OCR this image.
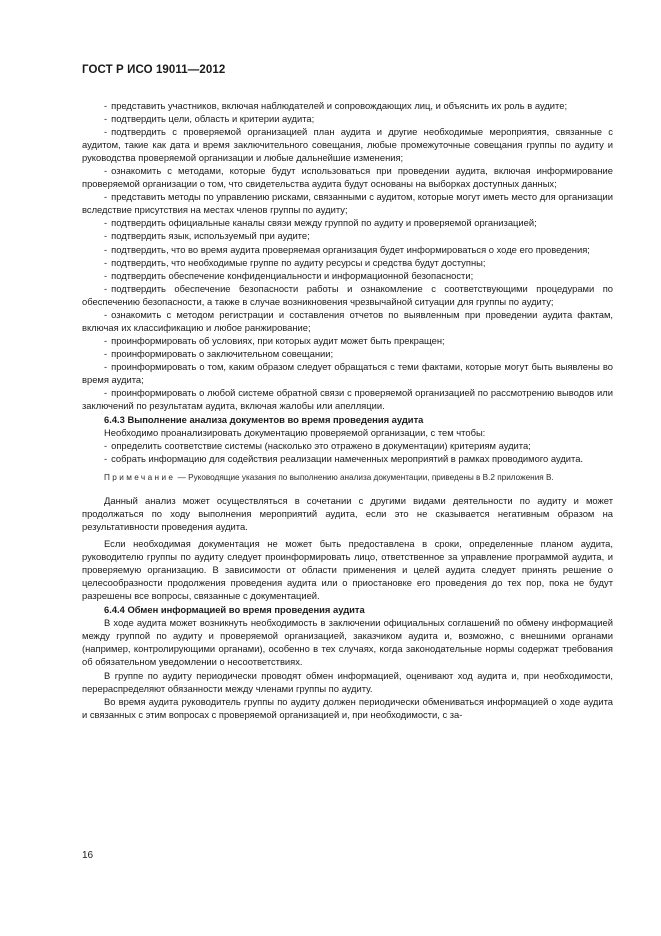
ГОСТ Р ИСО 19011—2012

- представить участников, включая наблюдателей и сопровождающих лиц, и объяснить их роль в аудите;

- подтвердить цели, область и критерии аудита;

- подтвердить с проверяемой организацией план аудита и другие необходимые мероприятия, связанные с аудитом, такие как дата и время заключительного совещания, любые промежуточные совещания группы по аудиту и руководства проверяемой организации и любые дальнейшие изменения;

- ознакомить с методами, которые будут использоваться при проведении аудита, включая информирование проверяемой организации о том, что свидетельства аудита будут основаны на выборках доступных данных;

- представить методы по управлению рисками, связанными с аудитом, которые могут иметь место для организации вследствие присутствия на местах членов группы по аудиту;

- подтвердить официальные каналы связи между группой по аудиту и проверяемой организацией;

- подтвердить язык, используемый при аудите;

- подтвердить, что во время аудита проверяемая организация будет информироваться о ходе его проведения;

- подтвердить, что необходимые группе по аудиту ресурсы и средства будут доступны;

- подтвердить обеспечение конфиденциальности и информационной безопасности;

- подтвердить обеспечение безопасности работы и ознакомление с соответствующими процедурами по обеспечению безопасности, а также в случае возникновения чрезвычайной ситуации для группы по аудиту;

- ознакомить с методом регистрации и составления отчетов по выявленным при проведении аудита фактам, включая их классификацию и любое ранжирование;

- проинформировать об условиях, при которых аудит может быть прекращен;

- проинформировать о заключительном совещании;

- проинформировать о том, каким образом следует обращаться с теми фактами, которые могут быть выявлены во время аудита;

- проинформировать о любой системе обратной связи с проверяемой организацией по рассмотрению выводов или заключений по результатам аудита, включая жалобы или апелляции.

6.4.3 Выполнение анализа документов во время проведения аудита

Необходимо проанализировать документацию проверяемой организации, с тем чтобы:

- определить соответствие системы (насколько это отражено в документации) критериям аудита;

- собрать информацию для содействия реализации намеченных мероприятий в рамках проводимого аудита.

Примечание — Руководящие указания по выполнению анализа документации, приведены в В.2 приложения В.

Данный анализ может осуществляться в сочетании с другими видами деятельности по аудиту и может продолжаться по ходу выполнения мероприятий аудита, если это не сказывается негативным образом на результативности проведения аудита.

Если необходимая документация не может быть предоставлена в сроки, определенные планом аудита, руководителю группы по аудиту следует проинформировать лицо, ответственное за управление программой аудита, и проверяемую организацию. В зависимости от области применения и целей аудита следует принять решение о целесообразности продолжения проведения аудита или о приостановке его проведения до тех пор, пока не будут разрешены все вопросы, связанные с документацией.

6.4.4 Обмен информацией во время проведения аудита

В ходе аудита может возникнуть необходимость в заключении официальных соглашений по обмену информацией между группой по аудиту и проверяемой организацией, заказчиком аудита и, возможно, с внешними органами (например, контролирующими органами), особенно в тех случаях, когда законодательные нормы содержат требования об обязательном уведомлении о несоответствиях.

В группе по аудиту периодически проводят обмен информацией, оценивают ход аудита и, при необходимости, перераспределяют обязанности между членами группы по аудиту.

Во время аудита руководитель группы по аудиту должен периодически обмениваться информацией о ходе аудита и связанных с этим вопросах с проверяемой организацией и, при необходимости, с за-

16
